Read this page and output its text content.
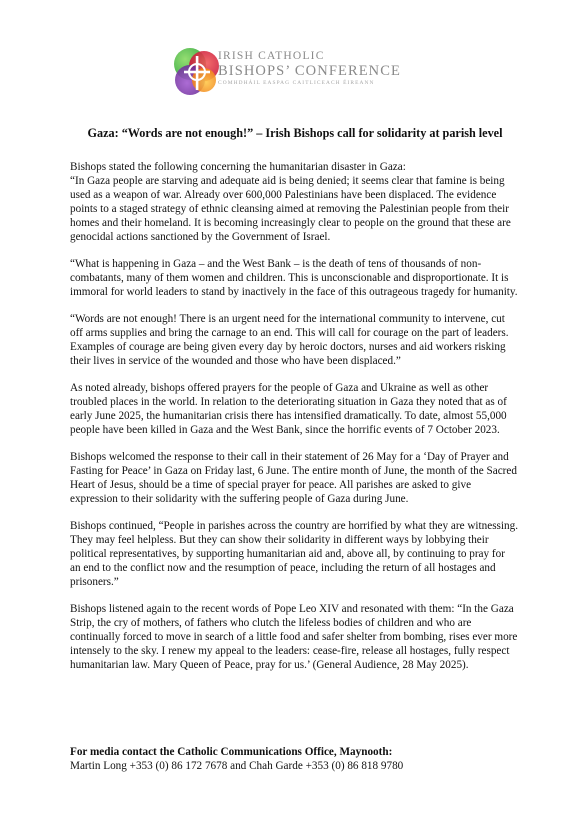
IRISH CATHOLIC
BISHOPS’ CONFERENCE
COMHDHÁIL EASPAG CAITLICEACH ÉIREANN
Gaza: “Words are not enough!” – Irish Bishops call for solidarity at parish level

Bishops stated the following concerning the humanitarian disaster in Gaza:
“In Gaza people are starving and adequate aid is being denied; it seems clear that famine is being used as a weapon of war. Already over 600,000 Palestinians have been displaced. The evidence points to a staged strategy of ethnic cleansing aimed at removing the Palestinian people from their homes and their homeland. It is becoming increasingly clear to people on the ground that these are genocidal actions sanctioned by the Government of Israel.

“What is happening in Gaza – and the West Bank – is the death of tens of thousands of non-combatants, many of them women and children. This is unconscionable and disproportionate. It is immoral for world leaders to stand by inactively in the face of this outrageous tragedy for humanity.

“Words are not enough! There is an urgent need for the international community to intervene, cut off arms supplies and bring the carnage to an end. This will call for courage on the part of leaders. Examples of courage are being given every day by heroic doctors, nurses and aid workers risking their lives in service of the wounded and those who have been displaced.”

As noted already, bishops offered prayers for the people of Gaza and Ukraine as well as other troubled places in the world. In relation to the deteriorating situation in Gaza they noted that as of early June 2025, the humanitarian crisis there has intensified dramatically. To date, almost 55,000 people have been killed in Gaza and the West Bank, since the horrific events of 7 October 2023.

Bishops welcomed the response to their call in their statement of 26 May for a ‘Day of Prayer and Fasting for Peace’ in Gaza on Friday last, 6 June. The entire month of June, the month of the Sacred Heart of Jesus, should be a time of special prayer for peace. All parishes are asked to give expression to their solidarity with the suffering people of Gaza during June.

Bishops continued, “People in parishes across the country are horrified by what they are witnessing. They may feel helpless. But they can show their solidarity in different ways by lobbying their political representatives, by supporting humanitarian aid and, above all, by continuing to pray for an end to the conflict now and the resumption of peace, including the return of all hostages and prisoners.”

Bishops listened again to the recent words of Pope Leo XIV and resonated with them: “In the Gaza Strip, the cry of mothers, of fathers who clutch the lifeless bodies of children and who are continually forced to move in search of a little food and safer shelter from bombing, rises ever more intensely to the sky. I renew my appeal to the leaders: cease-fire, release all hostages, fully respect humanitarian law. Mary Queen of Peace, pray for us.’ (General Audience, 28 May 2025).

For media contact the Catholic Communications Office, Maynooth:

Martin Long +353 (0) 86 172 7678 and Chah Garde +353 (0) 86 818 9780
